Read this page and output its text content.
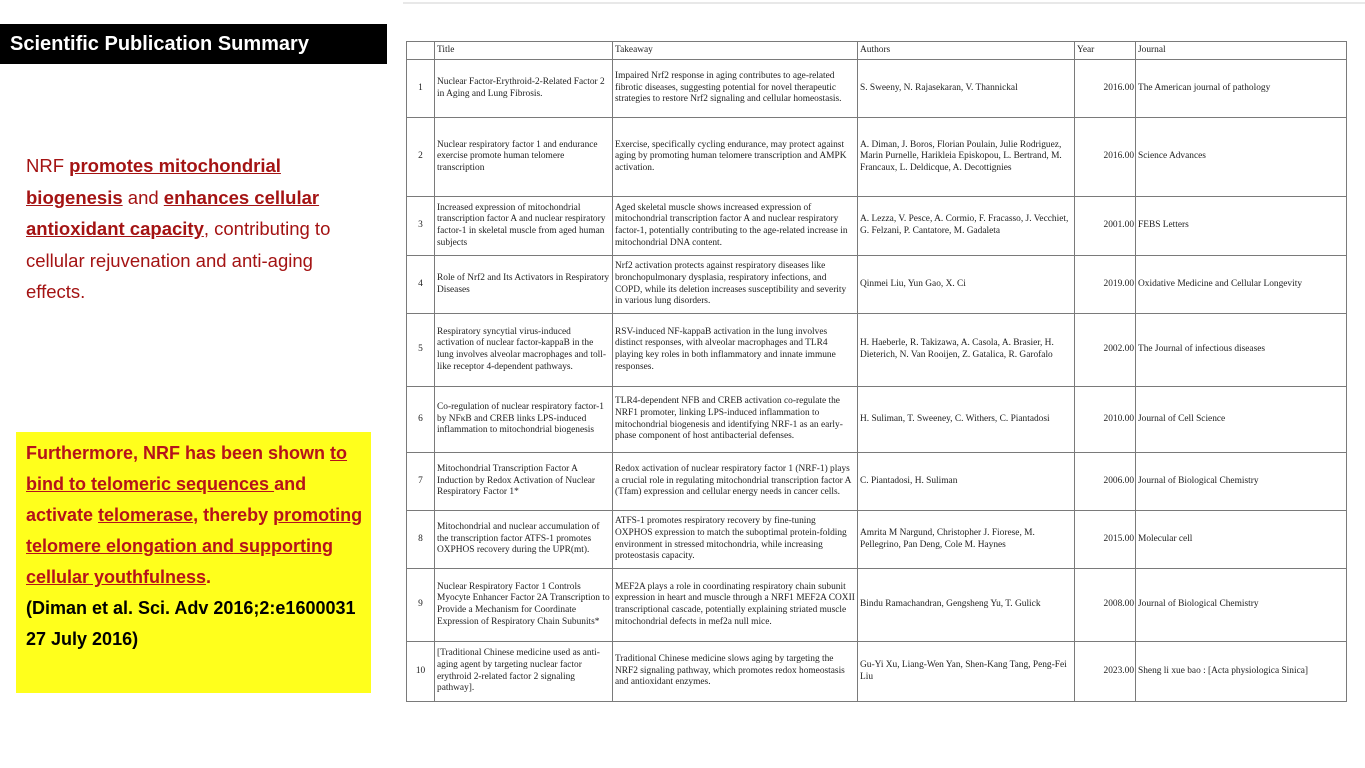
Scientific Publication Summary
NRF promotes mitochondrial biogenesis and enhances cellular antioxidant capacity, contributing to cellular rejuvenation and anti-aging effects.
Furthermore, NRF has been shown to bind to telomeric sequences and activate telomerase, thereby promoting telomere elongation and supporting cellular youthfulness.
(Diman et al. Sci. Adv 2016;2:e1600031 27 July 2016)
	Title	Takeaway	Authors	Year	Journal
1	Nuclear Factor-Erythroid-2-Related Factor 2 in Aging and Lung Fibrosis.	Impaired Nrf2 response in aging contributes to age-related fibrotic diseases, suggesting potential for novel therapeutic strategies to restore Nrf2 signaling and cellular homeostasis.	S. Sweeny, N. Rajasekaran, V. Thannickal	2016.00	The American journal of pathology
2	Nuclear respiratory factor 1 and endurance exercise promote human telomere transcription	Exercise, specifically cycling endurance, may protect against aging by promoting human telomere transcription and AMPK activation.	A. Diman, J. Boros, Florian Poulain, Julie Rodriguez, Marin Purnelle, Harikleia Episkopou, L. Bertrand, M. Francaux, L. Deldicque, A. Decottignies	2016.00	Science Advances
3	Increased expression of mitochondrial transcription factor A and nuclear respiratory factor-1 in skeletal muscle from aged human subjects	Aged skeletal muscle shows increased expression of mitochondrial transcription factor A and nuclear respiratory factor-1, potentially contributing to the age-related increase in mitochondrial DNA content.	A. Lezza, V. Pesce, A. Cormio, F. Fracasso, J. Vecchiet, G. Felzani, P. Cantatore, M. Gadaleta	2001.00	FEBS Letters
4	Role of Nrf2 and Its Activators in Respiratory Diseases	Nrf2 activation protects against respiratory diseases like bronchopulmonary dysplasia, respiratory infections, and COPD, while its deletion increases susceptibility and severity in various lung disorders.	Qinmei Liu, Yun Gao, X. Ci	2019.00	Oxidative Medicine and Cellular Longevity
5	Respiratory syncytial virus-induced activation of nuclear factor-kappaB in the lung involves alveolar macrophages and toll-like receptor 4-dependent pathways.	RSV-induced NF-kappaB activation in the lung involves distinct responses, with alveolar macrophages and TLR4 playing key roles in both inflammatory and innate immune responses.	H. Haeberle, R. Takizawa, A. Casola, A. Brasier, H. Dieterich, N. Van Rooijen, Z. Gatalica, R. Garofalo	2002.00	The Journal of infectious diseases
6	Co-regulation of nuclear respiratory factor-1 by NFκB and CREB links LPS-induced inflammation to mitochondrial biogenesis	TLR4-dependent NFB and CREB activation co-regulate the NRF1 promoter, linking LPS-induced inflammation to mitochondrial biogenesis and identifying NRF-1 as an early-phase component of host antibacterial defenses.	H. Suliman, T. Sweeney, C. Withers, C. Piantadosi	2010.00	Journal of Cell Science
7	Mitochondrial Transcription Factor A Induction by Redox Activation of Nuclear Respiratory Factor 1*	Redox activation of nuclear respiratory factor 1 (NRF-1) plays a crucial role in regulating mitochondrial transcription factor A (Tfam) expression and cellular energy needs in cancer cells.	C. Piantadosi, H. Suliman	2006.00	Journal of Biological Chemistry
8	Mitochondrial and nuclear accumulation of the transcription factor ATFS-1 promotes OXPHOS recovery during the UPR(mt).	ATFS-1 promotes respiratory recovery by fine-tuning OXPHOS expression to match the suboptimal protein-folding environment in stressed mitochondria, while increasing proteostasis capacity.	Amrita M Nargund, Christopher J. Fiorese, M. Pellegrino, Pan Deng, Cole M. Haynes	2015.00	Molecular cell
9	Nuclear Respiratory Factor 1 Controls Myocyte Enhancer Factor 2A Transcription to Provide a Mechanism for Coordinate Expression of Respiratory Chain Subunits*	MEF2A plays a role in coordinating respiratory chain subunit expression in heart and muscle through a NRF1 MEF2A COXII transcriptional cascade, potentially explaining striated muscle mitochondrial defects in mef2a null mice.	Bindu Ramachandran, Gengsheng Yu, T. Gulick	2008.00	Journal of Biological Chemistry
10	[Traditional Chinese medicine used as anti-aging agent by targeting nuclear factor erythroid 2-related factor 2 signaling pathway].	Traditional Chinese medicine slows aging by targeting the NRF2 signaling pathway, which promotes redox homeostasis and antioxidant enzymes.	Gu-Yi Xu, Liang-Wen Yan, Shen-Kang Tang, Peng-Fei Liu	2023.00	Sheng li xue bao : [Acta physiologica Sinica]
